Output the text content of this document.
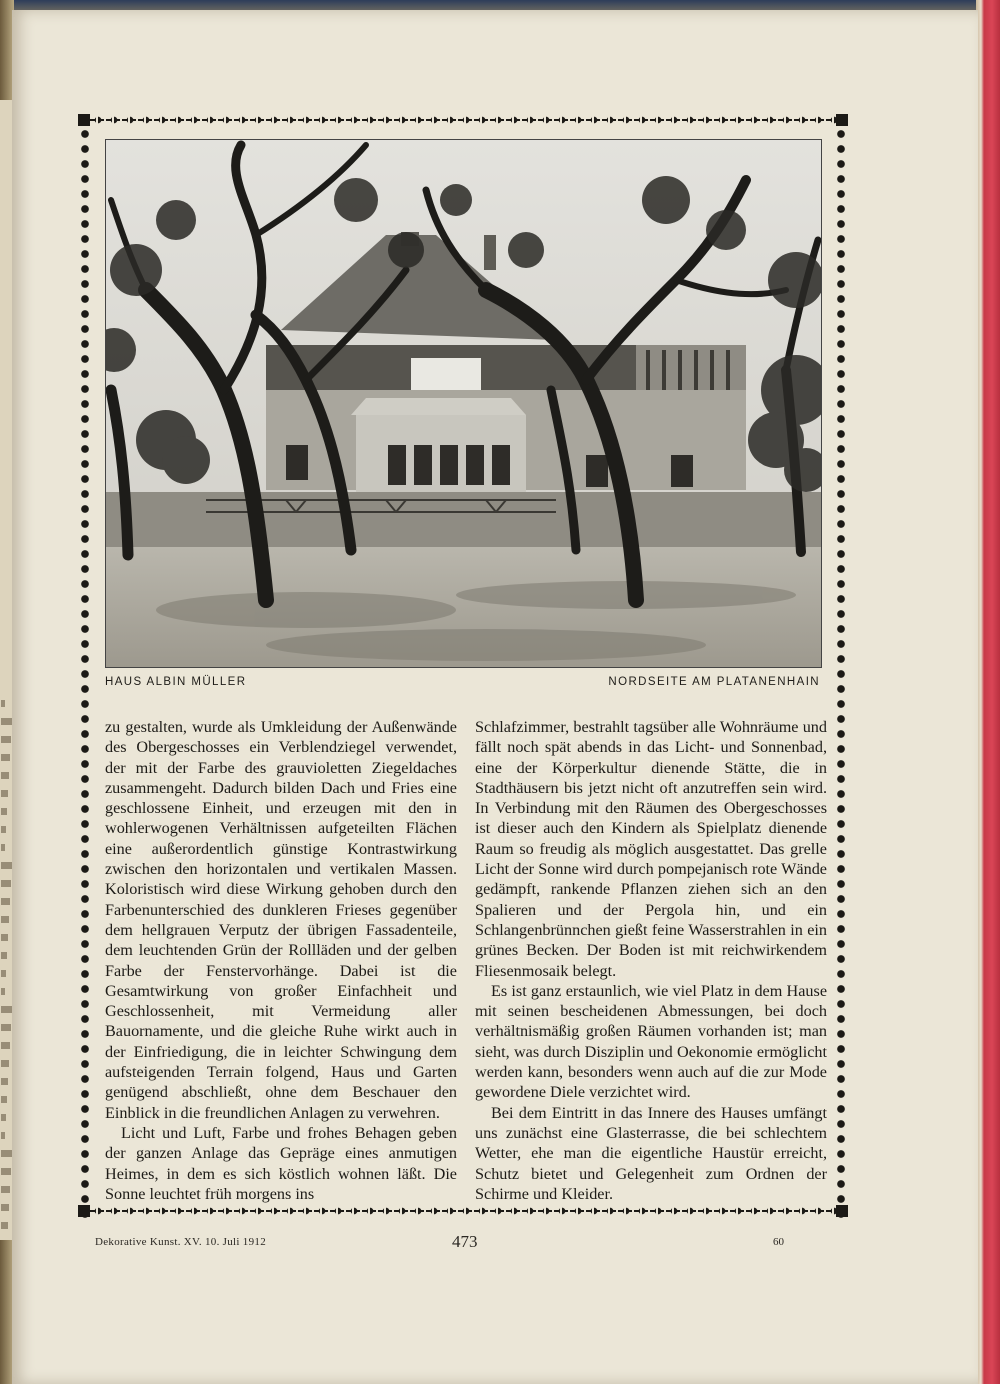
HAUS ALBIN MÜLLER	NORDSEITE AM PLATANENHAIN

zu gestalten, wurde als Umkleidung der Außenwände des Obergeschosses ein Verblendziegel verwendet, der mit der Farbe des grauvioletten Ziegeldaches zusammengeht. Dadurch bilden Dach und Fries eine geschlossene Einheit, und erzeugen mit den in wohlerwogenen Verhältnissen aufgeteilten Flächen eine außerordentlich günstige Kontrastwirkung zwischen den horizontalen und vertikalen Massen. Koloristisch wird diese Wirkung gehoben durch den Farbenunterschied des dunkleren Frieses gegenüber dem hellgrauen Verputz der übrigen Fassadenteile, dem leuchtenden Grün der Rollläden und der gelben Farbe der Fenstervorhänge. Dabei ist die Gesamtwirkung von großer Einfachheit und Geschlossenheit, mit Vermeidung aller Bauornamente, und die gleiche Ruhe wirkt auch in der Einfriedigung, die in leichter Schwingung dem aufsteigenden Terrain folgend, Haus und Garten genügend abschließt, ohne dem Beschauer den Einblick in die freundlichen Anlagen zu verwehren.

Licht und Luft, Farbe und frohes Behagen geben der ganzen Anlage das Gepräge eines anmutigen Heimes, in dem es sich köstlich wohnen läßt. Die Sonne leuchtet früh morgens ins

Schlafzimmer, bestrahlt tagsüber alle Wohnräume und fällt noch spät abends in das Licht- und Sonnenbad, eine der Körperkultur dienende Stätte, die in Stadthäusern bis jetzt nicht oft anzutreffen sein wird. In Verbindung mit den Räumen des Obergeschosses ist dieser auch den Kindern als Spielplatz dienende Raum so freudig als möglich ausgestattet. Das grelle Licht der Sonne wird durch pompejanisch rote Wände gedämpft, rankende Pflanzen ziehen sich an den Spalieren und der Pergola hin, und ein Schlangenbrünnchen gießt feine Wasserstrahlen in ein grünes Becken. Der Boden ist mit reichwirkendem Fliesenmosaik belegt.

Es ist ganz erstaunlich, wie viel Platz in dem Hause mit seinen bescheidenen Abmessungen, bei doch verhältnismäßig großen Räumen vorhanden ist; man sieht, was durch Disziplin und Oekonomie ermöglicht werden kann, besonders wenn auch auf die zur Mode gewordene Diele verzichtet wird.

Bei dem Eintritt in das Innere des Hauses umfängt uns zunächst eine Glasterrasse, die bei schlechtem Wetter, ehe man die eigentliche Haustür erreicht, Schutz bietet und Gelegenheit zum Ordnen der Schirme und Kleider.

Dekorative Kunst. XV. 10. Juli 1912	473	60
